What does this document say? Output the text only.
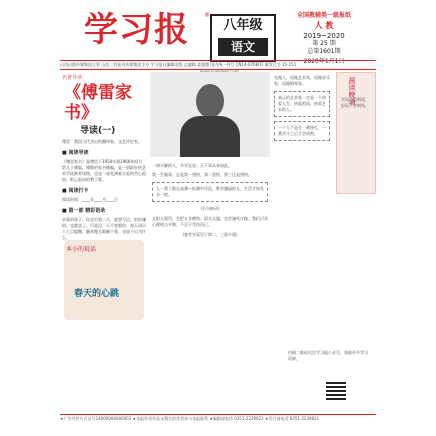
学习报	®
八年级
语文
全国教辅类一级报纸
人 教
2019~2020
第 25 期
总第1601期
2020年1月1日
山西出版传媒集团主管 山西三晋报刊传媒集团主办 学习报社编辑出版 总编辑 姜俊德 国内统一刊号 CN14-0708(F) 邮发代号 21-151
名著导读
《傅雷家书》
导读(一)
傅雷：我国当代杰出的翻译家、文艺评论家。
■ 阅读导读
《傅雷家书》是傅雷于1954年到1966年间写给儿子傅聪、傅敏的家书摘编，是一部最好的艺术学徒修养读物，也是一部充满着父爱的苦心孤诣、呕心沥血的教子篇。
■ 阅读打卡
阅读时间：____年____月____日
■ 第一部 精彩语录
亲爱的孩子，你走后第二天，就想写信，怕你嫌烦，也就罢了。可是没一天不想着你，每天清早六七点就醒，翻来覆去地睡不着，也说不出为什么。
本小的说话
春天的心跳
一知半解的人，多半狂妄；天下事从来如此。
我一生做事，总是第一坚持，第二坚持，第三还是坚持。
人一辈子都在高潮—低潮中浮沉，唯有庸碌的人，生活才如死水一般。
(名句摘录)
太阳太强烈，会把五谷晒焦；雨水太猛，也会淹死庄稼。我们只求心理相当平衡，不至于受伤而已。
(参考答案见下期二、三版中缝)
先做人，再做艺术家，再做音乐家，再做钢琴家。
真正的艺术家一定是一个热爱人生、热爱祖国、热爱艺术的人。
一个人不是在一番挣扎，一番苦斗之后才会成熟。
晨读晚诵
学而不思则罔，思而不学则殆。
扫描二维码关注学习报公众号，获取更多学习资源。
★广告经营许可证号14000004000003 ★本报所刊作品未署名的作者请与本报联系 ★编辑部电话 0351-2239622 ★发行部电话 0351-2239621
